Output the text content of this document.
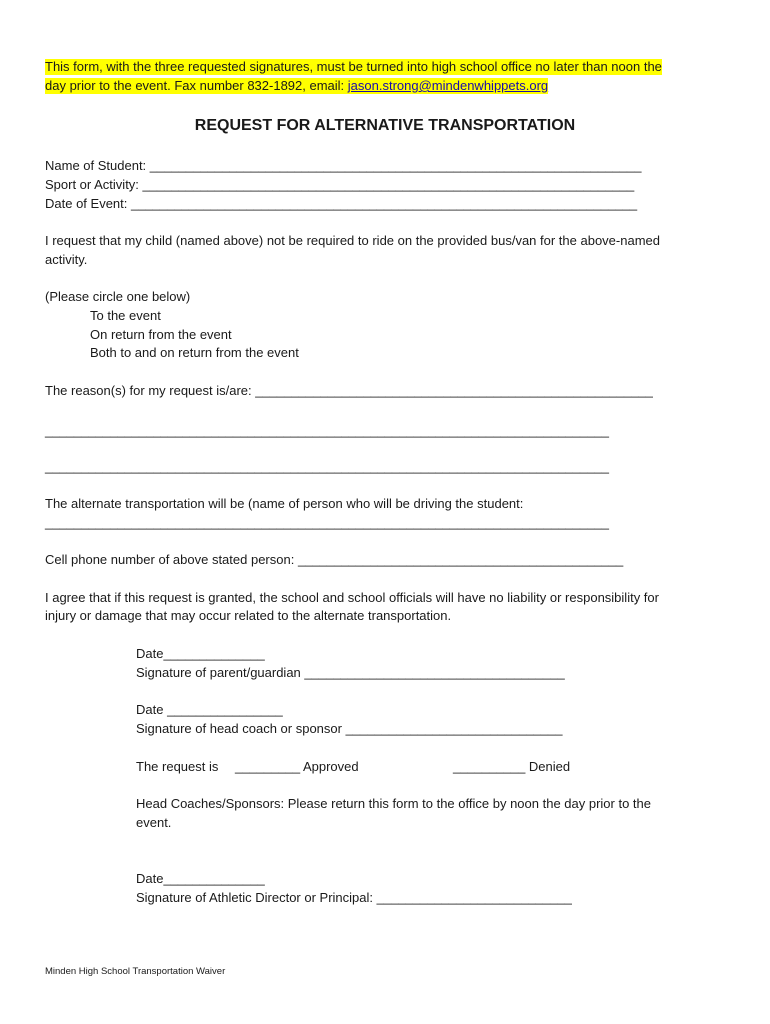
This form, with the three requested signatures, must be turned into high school office no later than noon the
day prior to the event. Fax number 832-1892, email: jason.strong@mindenwhippets.org
REQUEST FOR ALTERNATIVE TRANSPORTATION
Name of Student: ____________________________________________________________________
Sport or Activity: ____________________________________________________________________
Date of Event: ______________________________________________________________________
I request that my child (named above) not be required to ride on the provided bus/van for the above-named
activity.
(Please circle one below)
To the event
On return from the event
Both to and on return from the event
The reason(s) for my request is/are: _______________________________________________________
______________________________________________________________________________
______________________________________________________________________________
The alternate transportation will be (name of person who will be driving the student:
______________________________________________________________________________
Cell phone number of above stated person: _____________________________________________
I agree that if this request is granted, the school and school officials will have no liability or responsibility for
injury or damage that may occur related to the alternate transportation.
Date______________
Signature of parent/guardian ____________________________________
Date ________________
Signature of head coach or sponsor ______________________________
The request is _________ Approved	__________ Denied
Head Coaches/Sponsors: Please return this form to the office by noon the day prior to the
event.
Date______________
Signature of Athletic Director or Principal: ___________________________
Minden High School Transportation Waiver
